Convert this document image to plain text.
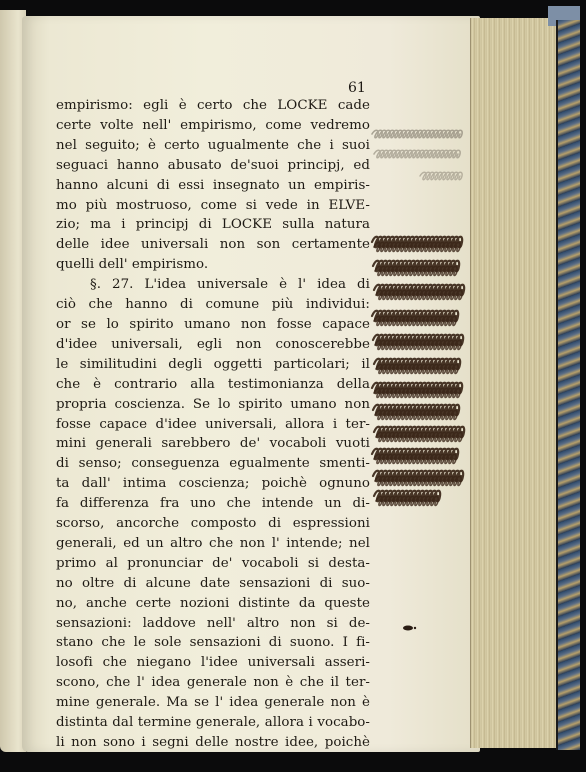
61
empirismo: egli è certo che LOCKE cade
certe volte nell' empirismo, come vedremo
nel seguito; è certo ugualmente che i suoi
seguaci hanno abusato de'suoi principj, ed
hanno alcuni di essi insegnato un empiris-
mo più mostruoso, come si vede in ELVE-
zio; ma i principj di LOCKE sulla natura
delle idee universali non son certamente
quelli dell' empirismo.
§. 27. L'idea universale è l' idea di
ciò che hanno di comune più individui:
or se lo spirito umano non fosse capace
d'idee universali, egli non conoscerebbe
le similitudini degli oggetti particolari; il
che è contrario alla testimonianza della
propria coscienza. Se lo spirito umano non
fosse capace d'idee universali, allora i ter-
mini generali sarebbero de' vocaboli vuoti
di senso; conseguenza egualmente smenti-
ta dall' intima coscienza; poichè ognuno
fa differenza fra uno che intende un di-
scorso, ancorche composto di espressioni
generali, ed un altro che non l' intende; nel
primo al pronunciar de' vocaboli si desta-
no oltre di alcune date sensazioni di suo-
no, anche certe nozioni distinte da queste
sensazioni: laddove nell' altro non si de-
stano che le sole sensazioni di suono. I fi-
losofi che niegano l'idee universali asseri-
scono, che l' idea generale non è che il ter-
mine generale. Ma se l' idea generale non è
distinta dal termine generale, allora i vocabo-
li non sono i segni delle nostre idee, poichè
